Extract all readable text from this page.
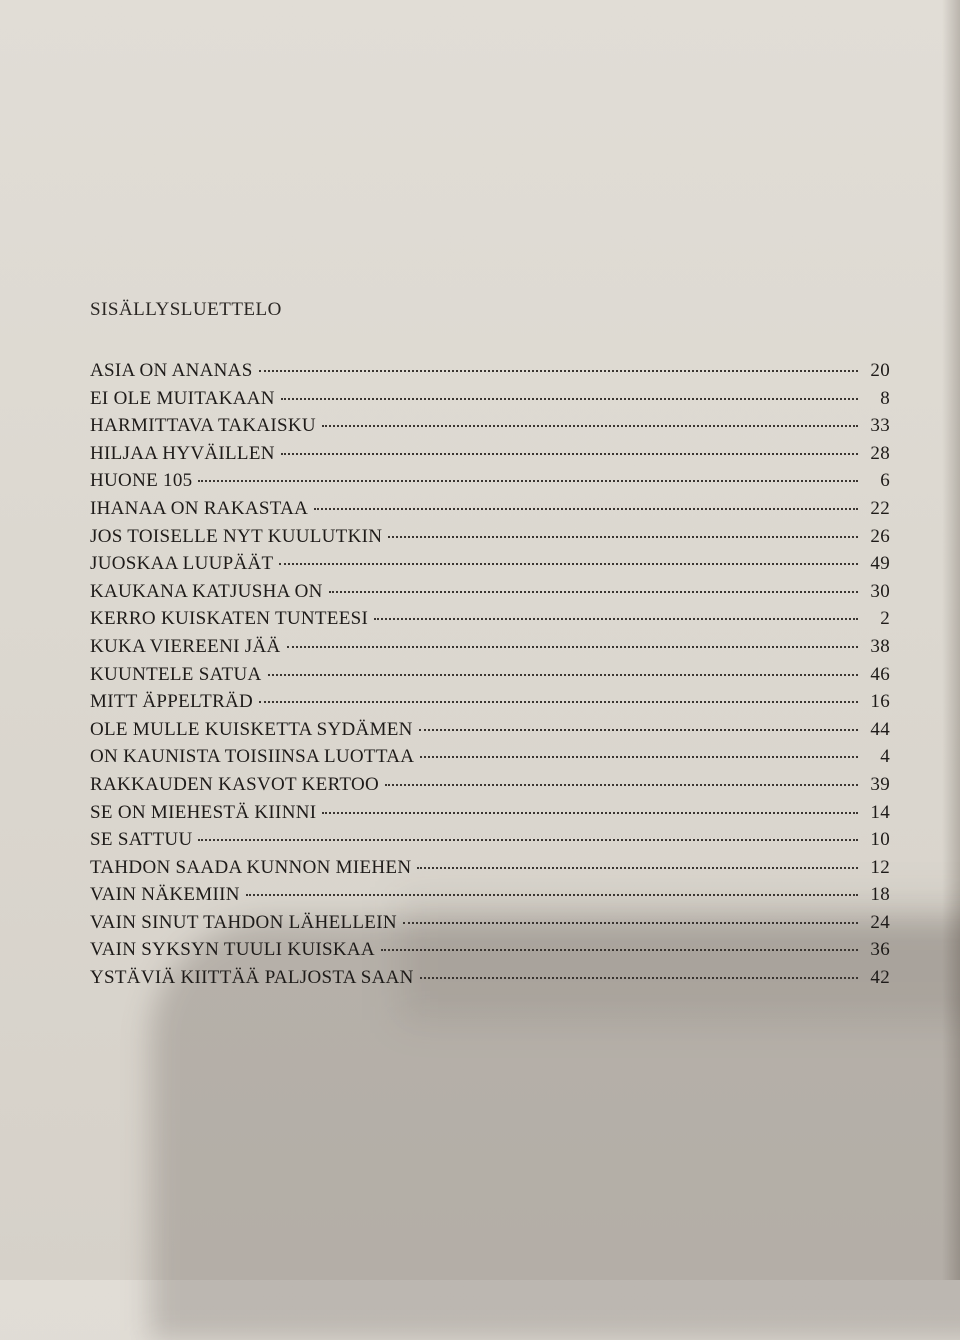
SISÄLLYSLUETTELO
ASIA ON ANANAS	20
EI OLE MUITAKAAN	8
HARMITTAVA TAKAISKU	33
HILJAA HYVÄILLEN	28
HUONE 105	6
IHANAA ON RAKASTAA	22
JOS TOISELLE NYT KUULUTKIN	26
JUOSKAA LUUPÄÄT	49
KAUKANA KATJUSHA ON	30
KERRO KUISKATEN TUNTEESI	2
KUKA VIEREENI JÄÄ	38
KUUNTELE SATUA	46
MITT ÄPPELTRÄD	16
OLE MULLE KUISKETTA SYDÄMEN	44
ON KAUNISTA TOISIINSA LUOTTAA	4
RAKKAUDEN KASVOT KERTOO	39
SE ON MIEHESTÄ KIINNI	14
SE SATTUU	10
TAHDON SAADA KUNNON MIEHEN	12
VAIN NÄKEMIIN	18
VAIN SINUT TAHDON LÄHELLEIN	24
VAIN SYKSYN TUULI KUISKAA	36
YSTÄVIÄ KIITTÄÄ PALJOSTA SAAN	42
